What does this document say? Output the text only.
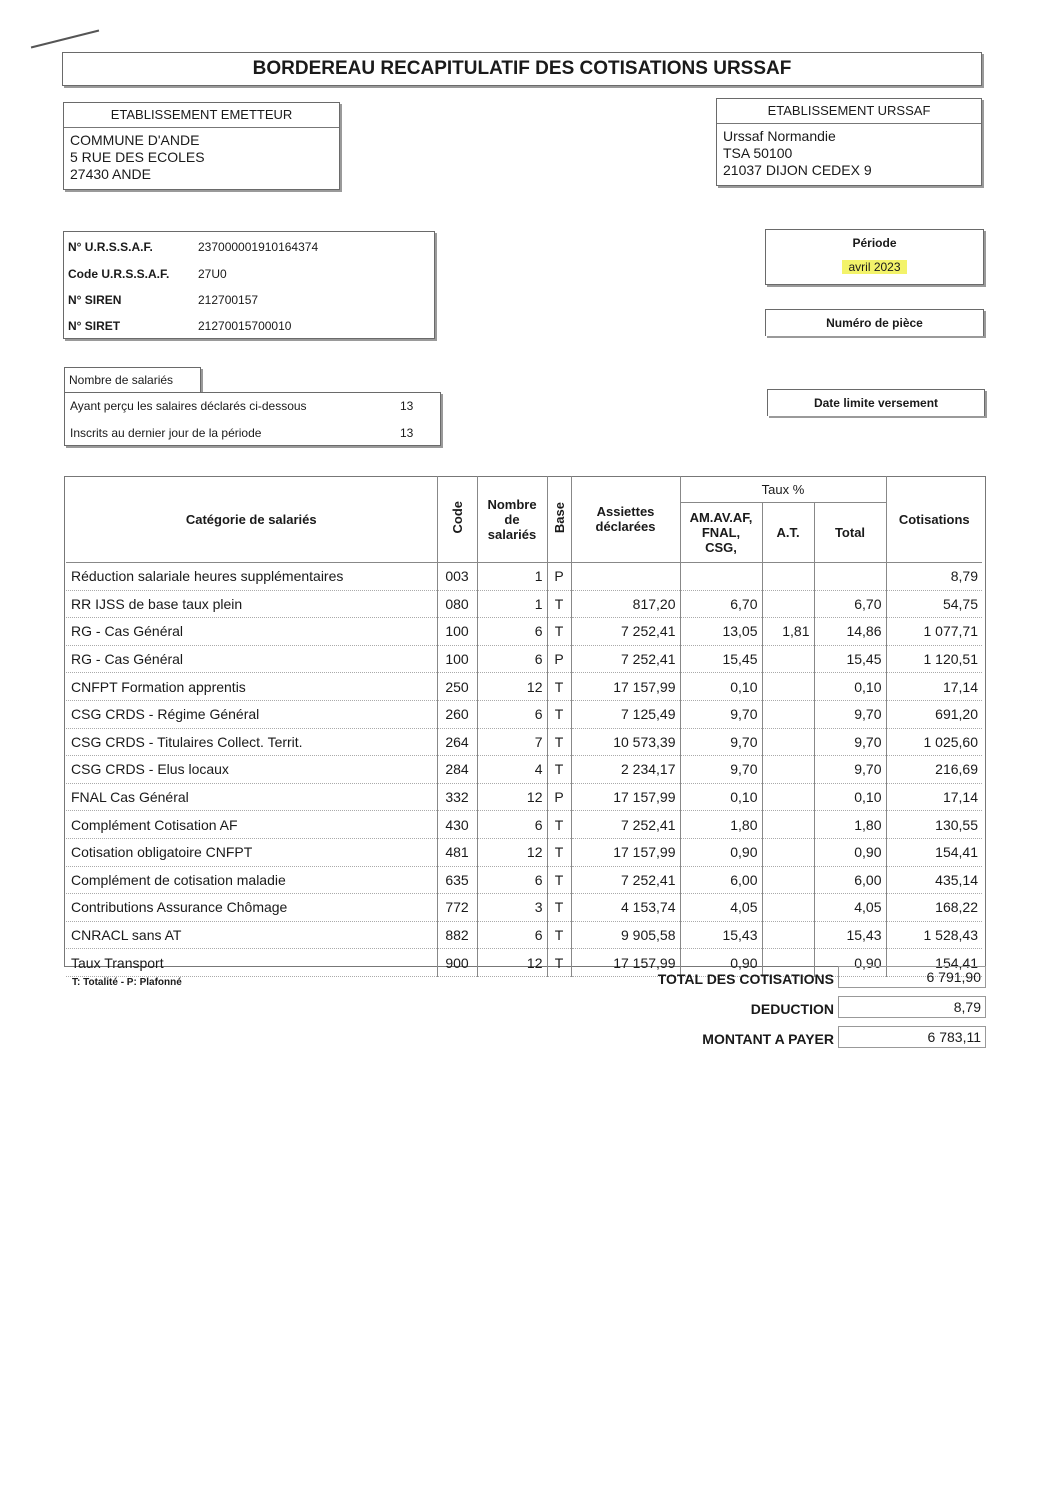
BORDEREAU RECAPITULATIF DES COTISATIONS URSSAF
ETABLISSEMENT EMETTEUR
COMMUNE D'ANDE
5 RUE DES ECOLES
27430 ANDE
ETABLISSEMENT URSSAF
Urssaf Normandie
TSA 50100
21037 DIJON CEDEX 9
N° U.R.S.S.A.F.	237000001910164374
Code U.R.S.S.A.F. 27U0
N° SIREN	212700157
N° SIRET	21270015700010
Période
avril 2023
Numéro de pièce
Date limite versement
Nombre de salariés
Ayant perçu les salaires déclarés ci-dessous	13
Inscrits au dernier jour de la période	13
Catégorie de salariés	Code	Nombre de salariés	Base	Assiettes déclarées	Taux %			Cotisations
					AM.AV.AF, FNAL, CSG,	A.T.	Total	
Réduction salariale heures supplémentaires	003	1	P					8,79
RR IJSS de base taux plein	080	1	T	817,20	6,70		6,70	54,75
RG - Cas Général	100	6	T	7 252,41	13,05	1,81	14,86	1 077,71
RG - Cas Général	100	6	P	7 252,41	15,45		15,45	1 120,51
CNFPT Formation apprentis	250	12	T	17 157,99	0,10		0,10	17,14
CSG CRDS - Régime Général	260	6	T	7 125,49	9,70		9,70	691,20
CSG CRDS - Titulaires Collect. Territ.	264	7	T	10 573,39	9,70		9,70	1 025,60
CSG CRDS - Elus locaux	284	4	T	2 234,17	9,70		9,70	216,69
FNAL Cas Général	332	12	P	17 157,99	0,10		0,10	17,14
Complément Cotisation AF	430	6	T	7 252,41	1,80		1,80	130,55
Cotisation obligatoire CNFPT	481	12	T	17 157,99	0,90		0,90	154,41
Complément de cotisation maladie	635	6	T	7 252,41	6,00		6,00	435,14
Contributions Assurance Chômage	772	3	T	4 153,74	4,05		4,05	168,22
CNRACL sans AT	882	6	T	9 905,58	15,43		15,43	1 528,43
Taux Transport	900	12	T	17 157,99	0,90		0,90	154,41
T: Totalité - P: Plafonné	TOTAL DES COTISATIONS	6 791,90
DEDUCTION	8,79
MONTANT A PAYER	6 783,11
